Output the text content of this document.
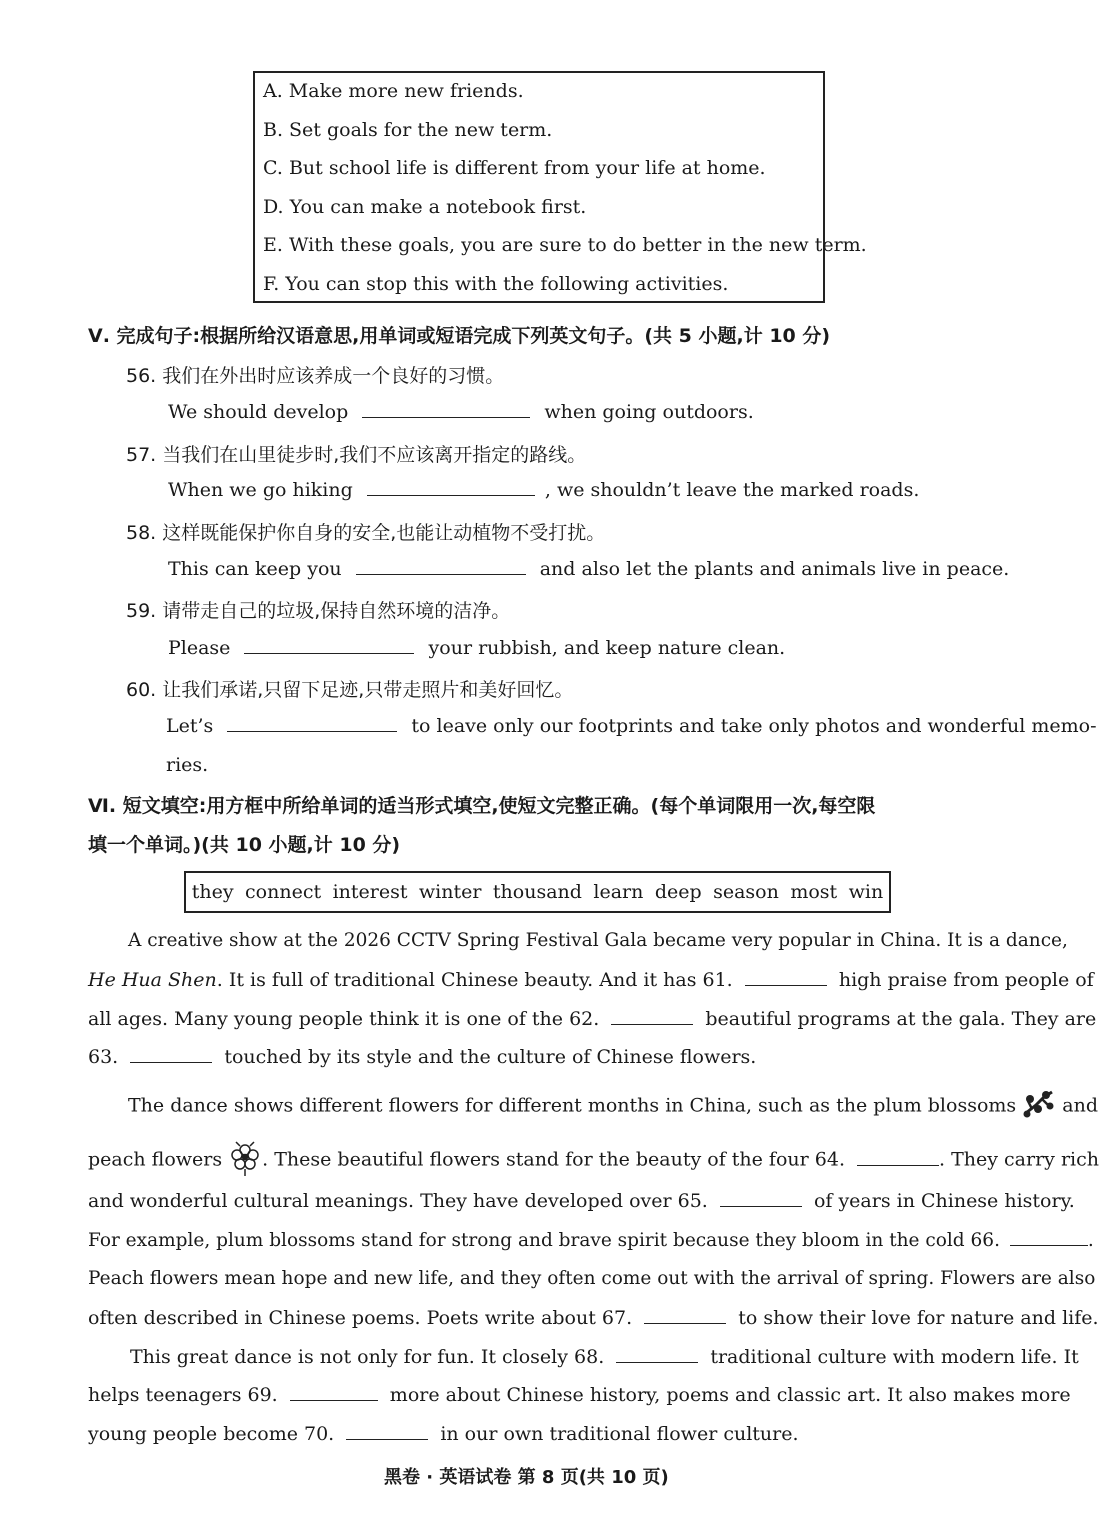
A. Make more new friends.
B. Set goals for the new term.
C. But school life is different from your life at home.
D. You can make a notebook first.
E. With these goals, you are sure to do better in the new term.
F. You can stop this with the following activities.
Ⅴ. 完成句子:根据所给汉语意思,用单词或短语完成下列英文句子。(共 5 小题,计 10 分)
56. 我们在外出时应该养成一个良好的习惯。
We should develop	when going outdoors.
57. 当我们在山里徒步时,我们不应该离开指定的路线。
When we go hiking	, we shouldn’t leave the marked roads.
58. 这样既能保护你自身的安全,也能让动植物不受打扰。
This can keep you	and also let the plants and animals live in peace.
59. 请带走自己的垃圾,保持自然环境的洁净。
Please	your rubbish, and keep nature clean.
60. 让我们承诺,只留下足迹,只带走照片和美好回忆。
Let’s	to leave only our footprints and take only photos and wonderful memo-
ries.
Ⅵ. 短文填空:用方框中所给单词的适当形式填空,使短文完整正确。(每个单词限用一次,每空限
填一个单词。)(共 10 小题,计 10 分)
they connect interest winter thousand learn deep season most win
A creative show at the 2026 CCTV Spring Festival Gala became very popular in China. It is a dance,
He Hua Shen. It is full of traditional Chinese beauty. And it has 61.	high praise from people of
all ages. Many young people think it is one of the 62.	beautiful programs at the gala. They are
63.	touched by its style and the culture of Chinese flowers.
The dance shows different flowers for different months in China, such as the plum blossoms and
peach flowers . These beautiful flowers stand for the beauty of the four 64.	. They carry rich
and wonderful cultural meanings. They have developed over 65.	of years in Chinese history.
For example, plum blossoms stand for strong and brave spirit because they bloom in the cold 66.	.
Peach flowers mean hope and new life, and they often come out with the arrival of spring. Flowers are also
often described in Chinese poems. Poets write about 67.	to show their love for nature and life.
This great dance is not only for fun. It closely 68.	traditional culture with modern life. It
helps teenagers 69.	more about Chinese history, poems and classic art. It also makes more
young people become 70.	in our own traditional flower culture.
黑卷 · 英语试卷 第 8 页(共 10 页)
